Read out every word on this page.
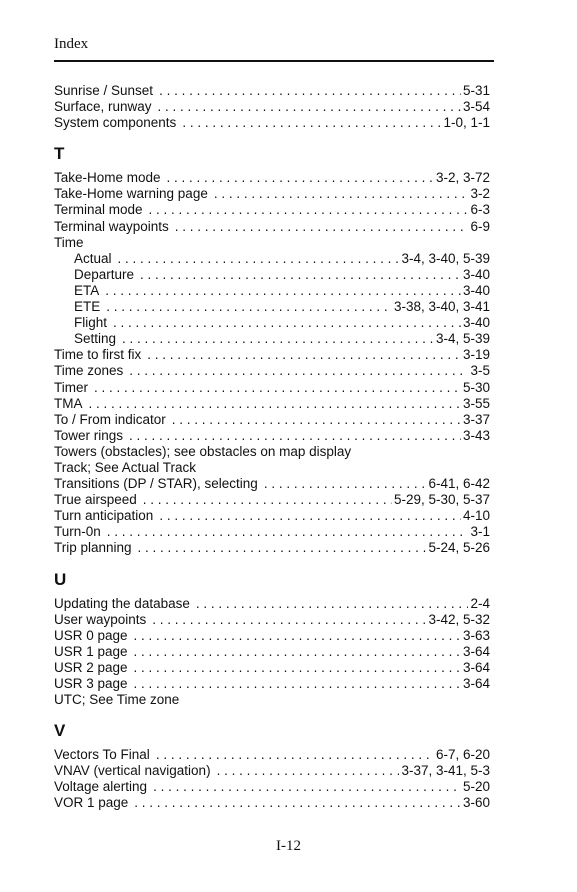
Index
Sunrise / Sunset . . .	5-31
Surface, runway . . .	3-54
System components . . .	1-0, 1-1
T
Take-Home mode . . .	3-2, 3-72
Take-Home warning page . . .	3-2
Terminal mode . . .	6-3
Terminal waypoints . . .	6-9
Time
Actual . . .	3-4, 3-40, 5-39
Departure . . .	3-40
ETA . . .	3-40
ETE . . .	3-38, 3-40, 3-41
Flight . . .	3-40
Setting . . .	3-4, 5-39
Time to first fix . . .	3-19
Time zones . . .	3-5
Timer . . .	5-30
TMA . . .	3-55
To / From indicator . . .	3-37
Tower rings . . .	3-43
Towers (obstacles); see obstacles on map display
Track; See Actual Track
Transitions (DP / STAR), selecting . . .	6-41, 6-42
True airspeed . . .	5-29, 5-30, 5-37
Turn anticipation . . .	4-10
Turn-0n . . .	3-1
Trip planning . . .	5-24, 5-26
U
Updating the database . . .	2-4
User waypoints . . .	3-42, 5-32
USR 0 page . . .	3-63
USR 1 page . . .	3-64
USR 2 page . . .	3-64
USR 3 page . . .	3-64
UTC; See Time zone
V
Vectors To Final . . .	6-7, 6-20
VNAV (vertical navigation) . . .	3-37, 3-41, 5-3
Voltage alerting . . .	5-20
VOR 1 page . . .	3-60
I-12
